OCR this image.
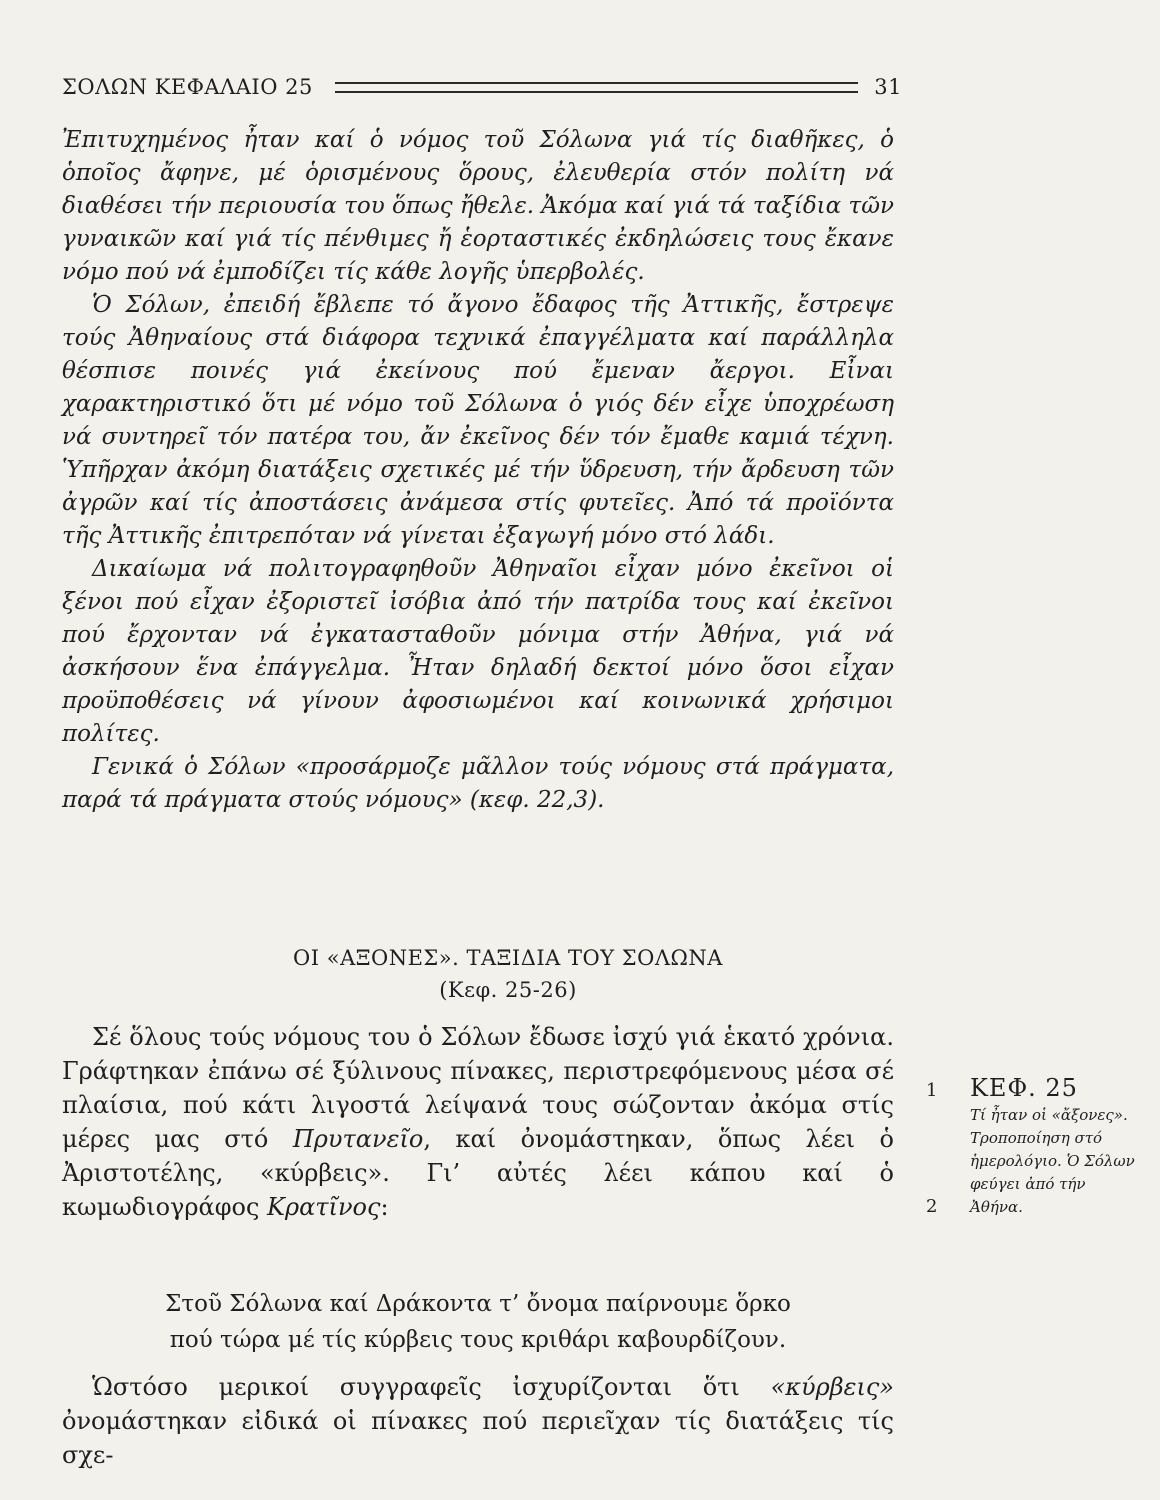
ΣΟΛΩΝ ΚΕΦΑΛΑΙΟ 25	31

Ἐπιτυχημένος ἦταν καί ὁ νόμος τοῦ Σόλωνα γιά τίς διαθῆκες, ὁ ὁποῖος ἄφηνε, μέ ὁρισμένους ὅρους, ἐλευθερία στόν πολίτη νά διαθέσει τήν περιουσία του ὅπως ἤθελε. Ἀκόμα καί γιά τά ταξίδια τῶν γυναικῶν καί γιά τίς πένθιμες ἤ ἑορταστικές ἐκδηλώσεις τους ἔκανε νόμο πού νά ἐμποδίζει τίς κάθε λογῆς ὑπερβολές.

Ὁ Σόλων, ἐπειδή ἔβλεπε τό ἄγονο ἔδαφος τῆς Ἀττικῆς, ἔστρεψε τούς Ἀθηναίους στά διάφορα τεχνικά ἐπαγγέλματα καί παράλληλα θέσπισε ποινές γιά ἐκείνους πού ἔμεναν ἄεργοι. Εἶναι χαρακτηριστικό ὅτι μέ νόμο τοῦ Σόλωνα ὁ γιός δέν εἶχε ὑποχρέωση νά συντηρεῖ τόν πατέρα του, ἄν ἐκεῖνος δέν τόν ἔμαθε καμιά τέχνη. Ὑπῆρχαν ἀκόμη διατάξεις σχετικές μέ τήν ὕδρευση, τήν ἄρδευση τῶν ἀγρῶν καί τίς ἀποστάσεις ἀνάμεσα στίς φυτεῖες. Ἀπό τά προϊόντα τῆς Ἀττικῆς ἐπιτρεπόταν νά γίνεται ἐξαγωγή μόνο στό λάδι.

Δικαίωμα νά πολιτογραφηθοῦν Ἀθηναῖοι εἶχαν μόνο ἐκεῖνοι οἱ ξένοι πού εἶχαν ἐξοριστεῖ ἰσόβια ἀπό τήν πατρίδα τους καί ἐκεῖνοι πού ἔρχονταν νά ἐγκατασταθοῦν μόνιμα στήν Ἀθήνα, γιά νά ἀσκήσουν ἕνα ἐπάγγελμα. Ἦταν δηλαδή δεκτοί μόνο ὅσοι εἶχαν προϋποθέσεις νά γίνουν ἀφοσιωμένοι καί κοινωνικά χρήσιμοι πολίτες.

Γενικά ὁ Σόλων «προσάρμοζε μᾶλλον τούς νόμους στά πράγματα, παρά τά πράγματα στούς νόμους» (κεφ. 22,3).

ΟΙ «ΑΞΟΝΕΣ». ΤΑΞΙΔΙΑ ΤΟΥ ΣΟΛΩΝΑ
(Κεφ. 25-26)

Σέ ὅλους τούς νόμους του ὁ Σόλων ἔδωσε ἰσχύ γιά ἑκατό χρόνια. Γράφτηκαν ἐπάνω σέ ξύλινους πίνακες, περιστρεφόμενους μέσα σέ πλαίσια, πού κάτι λιγοστά λείψανά τους σώζονταν ἀκόμα στίς μέρες μας στό Πρυτανεῖο, καί ὀνομάστηκαν, ὅπως λέει ὁ Ἀριστοτέλης, «κύρβεις». Γι’ αὐτές λέει κάπου καί ὁ κωμωδιογράφος Κρατῖνος:

Στοῦ Σόλωνα καί Δράκοντα τ’ ὄνομα παίρνουμε ὅρκο
πού τώρα μέ τίς κύρβεις τους κριθάρι καβουρδίζουν.

Ὡστόσο μερικοί συγγραφεῖς ἰσχυρίζονται ὅτι «κύρβεις» ὀνομάστηκαν εἰδικά οἱ πίνακες πού περιεῖχαν τίς διατάξεις τίς σχε-

1
2
ΚΕΦ. 25
Τί ἦταν οἱ «ἄξονες». Τροποποίηση στό ἡμερολόγιο. Ὁ Σόλων φεύγει ἀπό τήν Ἀθήνα.
